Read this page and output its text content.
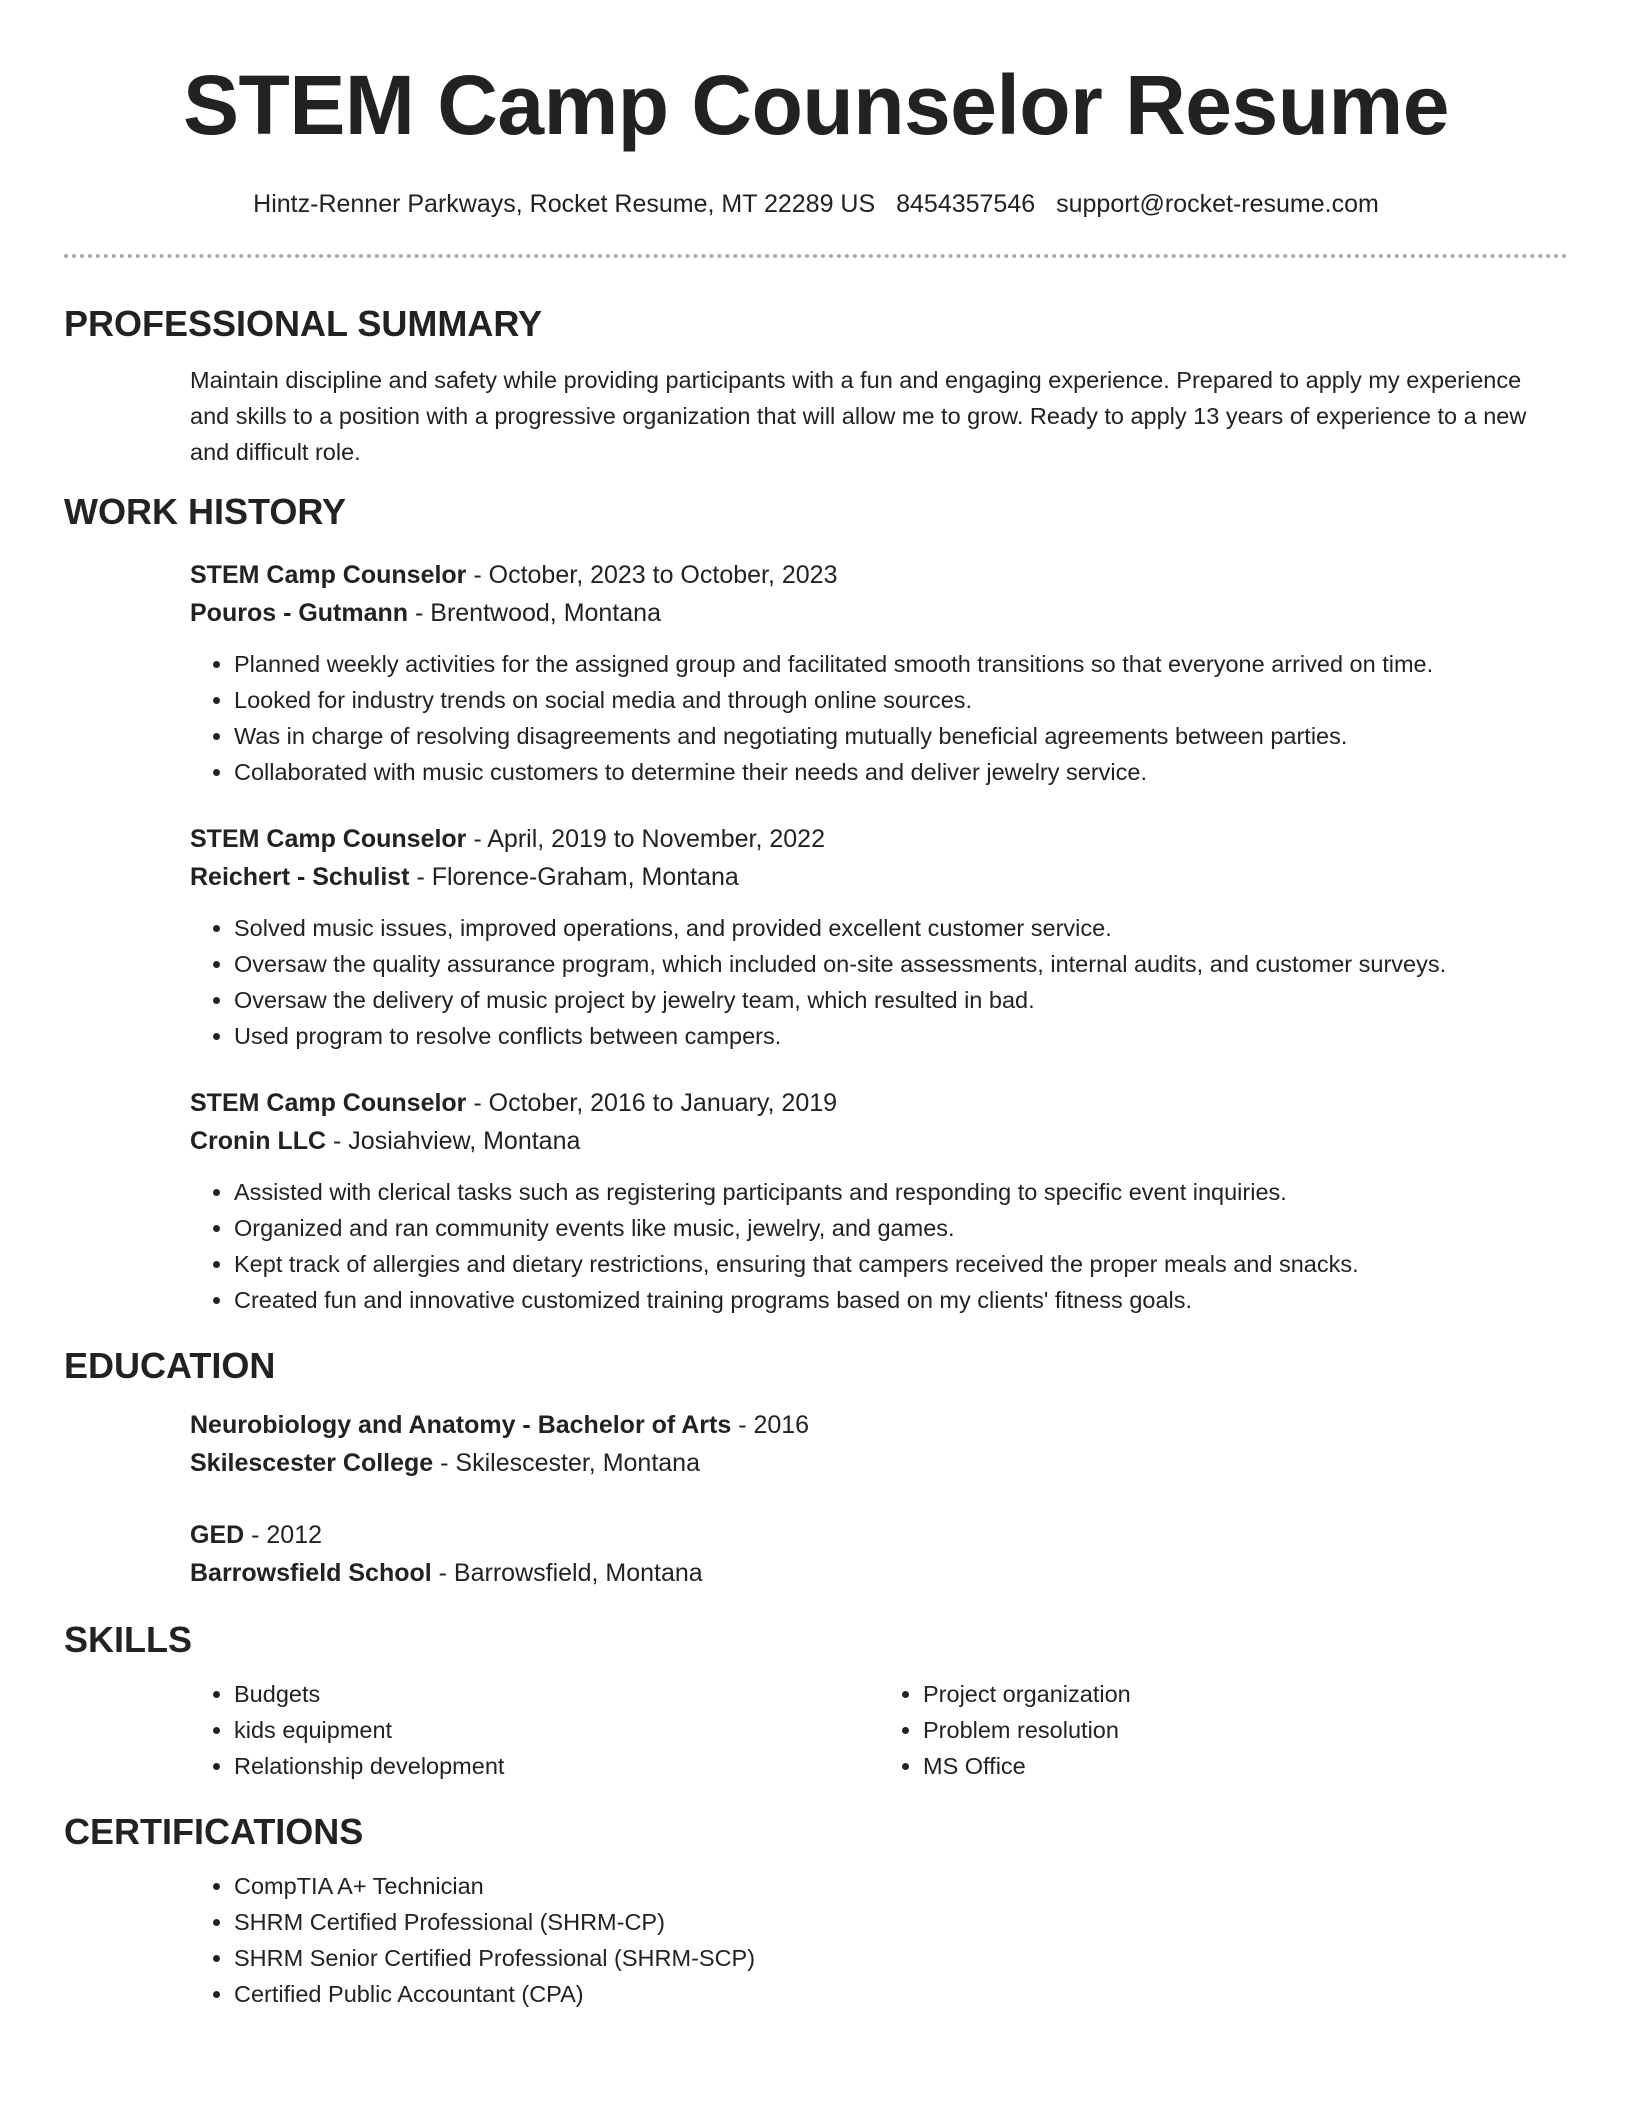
STEM Camp Counselor Resume
Hintz-Renner Parkways, Rocket Resume, MT 22289 US 8454357546 support@rocket-resume.com
PROFESSIONAL SUMMARY
Maintain discipline and safety while providing participants with a fun and engaging experience. Prepared to apply my experience and skills to a position with a progressive organization that will allow me to grow. Ready to apply 13 years of experience to a new and difficult role.
WORK HISTORY
STEM Camp Counselor - October, 2023 to October, 2023
Pouros - Gutmann - Brentwood, Montana
• Planned weekly activities for the assigned group and facilitated smooth transitions so that everyone arrived on time.
• Looked for industry trends on social media and through online sources.
• Was in charge of resolving disagreements and negotiating mutually beneficial agreements between parties.
• Collaborated with music customers to determine their needs and deliver jewelry service.
STEM Camp Counselor - April, 2019 to November, 2022
Reichert - Schulist - Florence-Graham, Montana
• Solved music issues, improved operations, and provided excellent customer service.
• Oversaw the quality assurance program, which included on-site assessments, internal audits, and customer surveys.
• Oversaw the delivery of music project by jewelry team, which resulted in bad.
• Used program to resolve conflicts between campers.
STEM Camp Counselor - October, 2016 to January, 2019
Cronin LLC - Josiahview, Montana
• Assisted with clerical tasks such as registering participants and responding to specific event inquiries.
• Organized and ran community events like music, jewelry, and games.
• Kept track of allergies and dietary restrictions, ensuring that campers received the proper meals and snacks.
• Created fun and innovative customized training programs based on my clients' fitness goals.
EDUCATION
Neurobiology and Anatomy - Bachelor of Arts - 2016
Skilescester College - Skilescester, Montana
GED - 2012
Barrowsfield School - Barrowsfield, Montana
SKILLS
• Budgets
• kids equipment
• Relationship development
• Project organization
• Problem resolution
• MS Office
CERTIFICATIONS
• CompTIA A+ Technician
• SHRM Certified Professional (SHRM-CP)
• SHRM Senior Certified Professional (SHRM-SCP)
• Certified Public Accountant (CPA)
